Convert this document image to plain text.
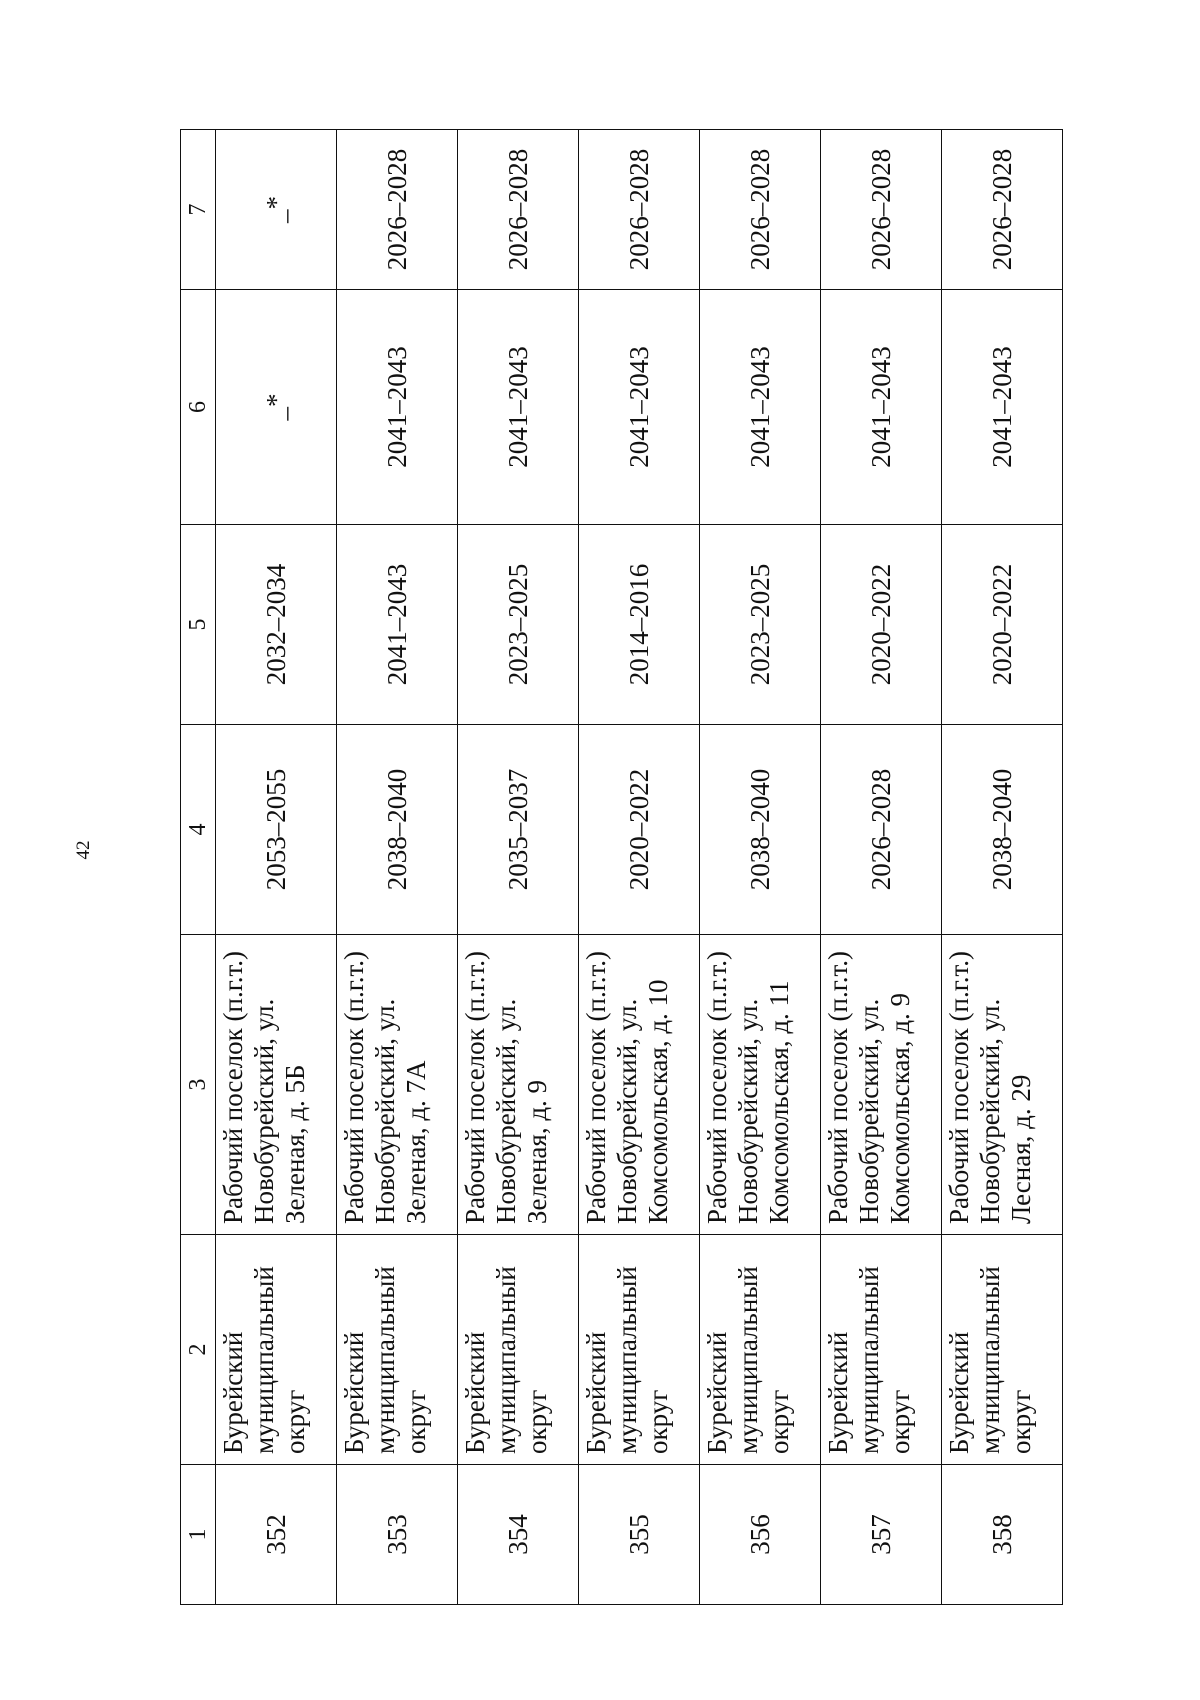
42
1	2	3	4	5	6	7
352	Бурейский муниципальный округ	Рабочий поселок (п.г.т.) Новобурейский, ул. Зеленая, д. 5Б	2053–2055	2032–2034	_*	_*
353	Бурейский муниципальный округ	Рабочий поселок (п.г.т.) Новобурейский, ул. Зеленая, д. 7А	2038–2040	2041–2043	2041–2043	2026–2028
354	Бурейский муниципальный округ	Рабочий поселок (п.г.т.) Новобурейский, ул. Зеленая, д. 9	2035–2037	2023–2025	2041–2043	2026–2028
355	Бурейский муниципальный округ	Рабочий поселок (п.г.т.) Новобурейский, ул. Комсомольская, д. 10	2020–2022	2014–2016	2041–2043	2026–2028
356	Бурейский муниципальный округ	Рабочий поселок (п.г.т.) Новобурейский, ул. Комсомольская, д. 11	2038–2040	2023–2025	2041–2043	2026–2028
357	Бурейский муниципальный округ	Рабочий поселок (п.г.т.) Новобурейский, ул. Комсомольская, д. 9	2026–2028	2020–2022	2041–2043	2026–2028
358	Бурейский муниципальный округ	Рабочий поселок (п.г.т.) Новобурейский, ул. Лесная, д. 29	2038–2040	2020–2022	2041–2043	2026–2028
